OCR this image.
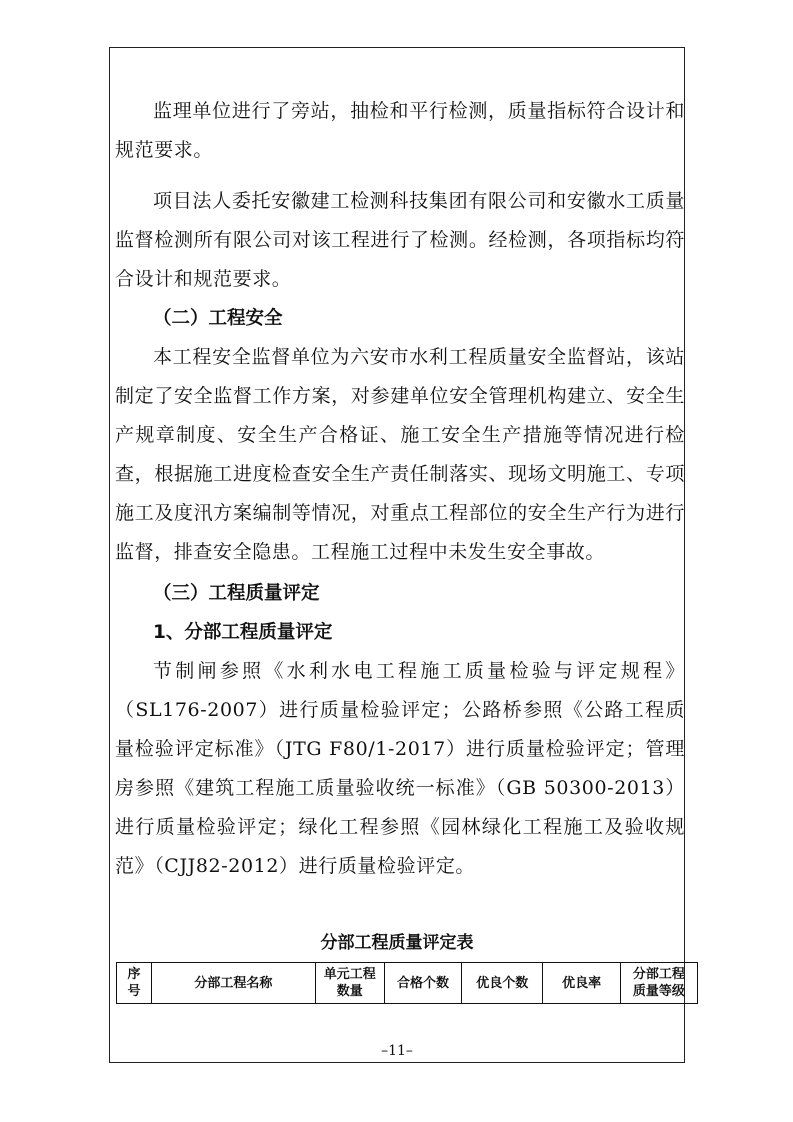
监理单位进行了旁站，抽检和平行检测，质量指标符合设计和规范要求。

项目法人委托安徽建工检测科技集团有限公司和安徽水工质量监督检测所有限公司对该工程进行了检测。经检测，各项指标均符合设计和规范要求。

（二）工程安全

本工程安全监督单位为六安市水利工程质量安全监督站，该站制定了安全监督工作方案，对参建单位安全管理机构建立、安全生产规章制度、安全生产合格证、施工安全生产措施等情况进行检查，根据施工进度检查安全生产责任制落实、现场文明施工、专项施工及度汛方案编制等情况，对重点工程部位的安全生产行为进行监督，排查安全隐患。工程施工过程中未发生安全事故。

（三）工程质量评定

1、分部工程质量评定

节制闸参照《水利水电工程施工质量检验与评定规程》（SL176-2007）进行质量检验评定；公路桥参照《公路工程质量检验评定标准》（JTG F80/1-2017）进行质量检验评定；管理房参照《建筑工程施工质量验收统一标准》（GB 50300-2013）进行质量检验评定；绿化工程参照《园林绿化工程施工及验收规范》（CJJ82-2012）进行质量检验评定。

分部工程质量评定表
序号	分部工程名称	单元工程数量	合格个数	优良个数	优良率	分部工程质量等级
–11–
